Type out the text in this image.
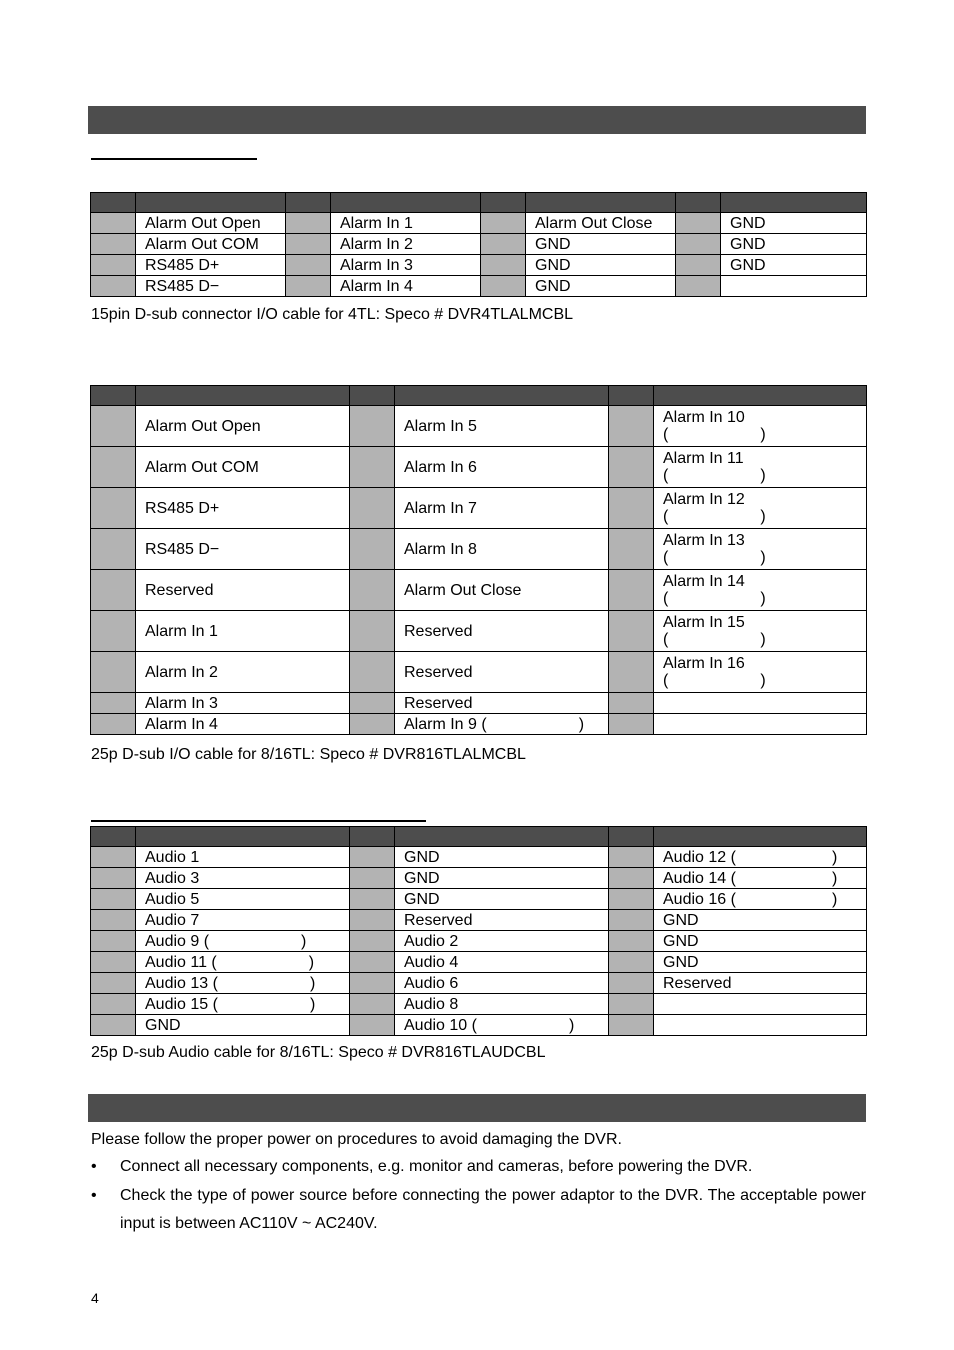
	Alarm Out Open		Alarm In 1		Alarm Out Close		GND
	Alarm Out COM		Alarm In 2		GND		GND
	RS485 D+		Alarm In 3		GND		GND
	RS485 D−		Alarm In 4		GND		
15pin D-sub connector I/O cable for 4TL: Speco # DVR4TLALMCBL

	Alarm Out Open		Alarm In 5		Alarm In 10
( )

	Alarm Out COM		Alarm In 6		Alarm In 11
( )

	RS485 D+		Alarm In 7		Alarm In 12
( )

	RS485 D−		Alarm In 8		Alarm In 13
( )

	Reserved		Alarm Out Close		Alarm In 14
( )

	Alarm In 1		Reserved		Alarm In 15
( )

	Alarm In 2		Reserved		Alarm In 16
( )

	Alarm In 3		Reserved		
	Alarm In 4		Alarm In 9 ( )		
25p D-sub I/O cable for 8/16TL: Speco # DVR816TLALMCBL

	Audio 1		GND		Audio 12 ( )
	Audio 3		GND		Audio 14 ( )
	Audio 5		GND		Audio 16 ( )
	Audio 7		Reserved		GND
	Audio 9 ( )		Audio 2		GND
	Audio 11 ( )		Audio 4		GND
	Audio 13 ( )		Audio 6		Reserved
	Audio 15 ( )		Audio 8		
	GND		Audio 10 ( )		
25p D-sub Audio cable for 8/16TL: Speco # DVR816TLAUDCBL
Please follow the proper power on procedures to avoid damaging the DVR.
• Connect all necessary components, e.g. monitor and cameras, before powering the DVR.
• Check the type of power source before connecting the power adaptor to the DVR. The acceptable power input is between AC110V ~ AC240V.
4
